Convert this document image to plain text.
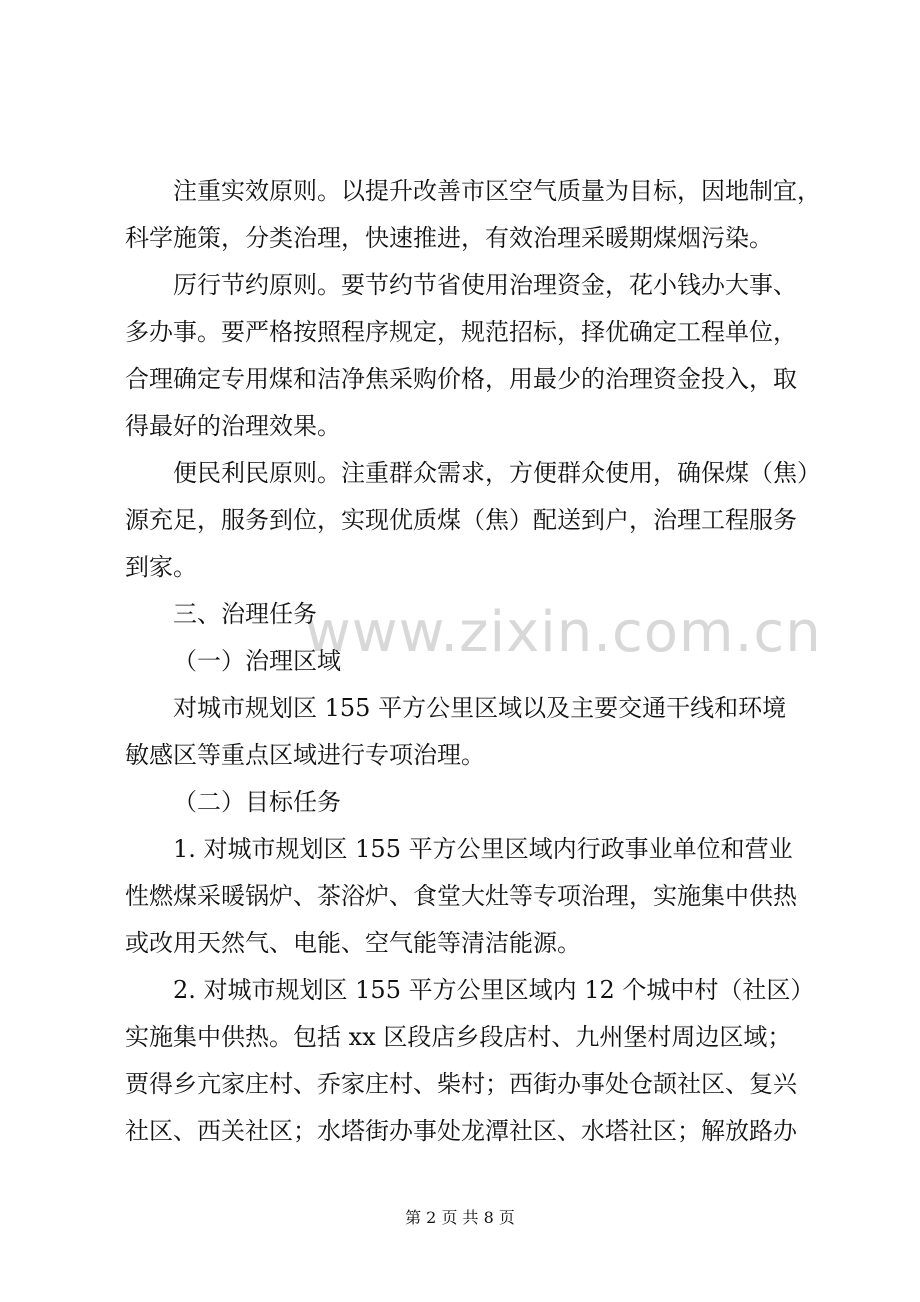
www.zixin.com.cn
注重实效原则。以提升改善市区空气质量为目标，因地制宜，
科学施策，分类治理，快速推进，有效治理采暖期煤烟污染。
厉行节约原则。要节约节省使用治理资金，花小钱办大事、
多办事。要严格按照程序规定，规范招标，择优确定工程单位，
合理确定专用煤和洁净焦采购价格，用最少的治理资金投入，取
得最好的治理效果。
便民利民原则。注重群众需求，方便群众使用，确保煤（焦）
源充足，服务到位，实现优质煤（焦）配送到户，治理工程服务
到家。
三、治理任务
（一）治理区域
对城市规划区 155 平方公里区域以及主要交通干线和环境
敏感区等重点区域进行专项治理。
（二）目标任务
1. 对城市规划区 155 平方公里区域内行政事业单位和营业
性燃煤采暖锅炉、茶浴炉、食堂大灶等专项治理，实施集中供热
或改用天然气、电能、空气能等清洁能源。
2. 对城市规划区 155 平方公里区域内 12 个城中村（社区）
实施集中供热。包括 xx 区段店乡段店村、九州堡村周边区域；
贾得乡亢家庄村、乔家庄村、柴村；西街办事处仓颉社区、复兴
社区、西关社区；水塔街办事处龙潭社区、水塔社区；解放路办
第 2 页 共 8 页
